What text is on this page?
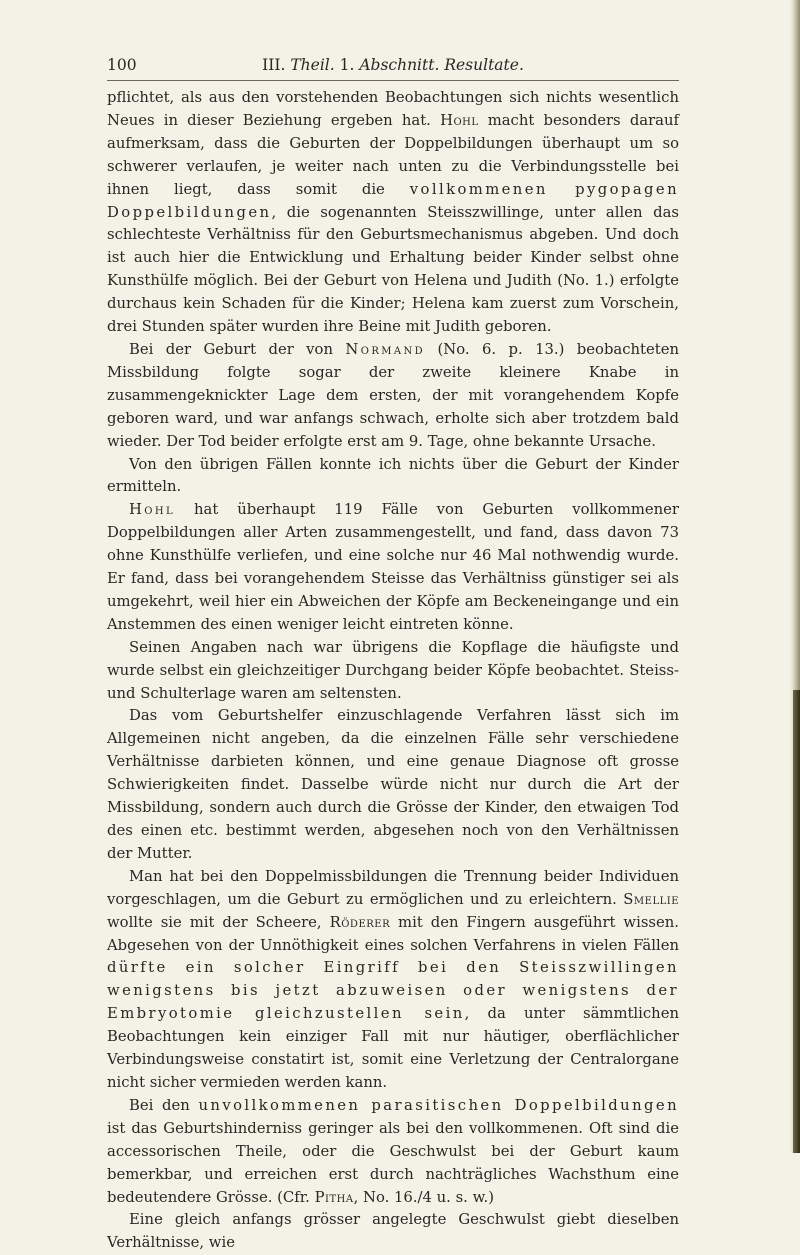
100	III. Theil. 1. Abschnitt. Resultate.

pflichtet, als aus den vorstehenden Beobachtungen sich nichts wesentlich Neues in dieser Beziehung ergeben hat. Hohl macht besonders darauf aufmerksam, dass die Geburten der Doppelbildungen überhaupt um so schwerer verlaufen, je weiter nach unten zu die Verbindungsstelle bei ihnen liegt, dass somit die vollkommenen pygopagen Doppelbildungen, die sogenannten Steisszwillinge, unter allen das schlechteste Verhältniss für den Geburtsmechanismus abgeben. Und doch ist auch hier die Entwicklung und Erhaltung beider Kinder selbst ohne Kunsthülfe möglich. Bei der Geburt von Helena und Judith (No. 1.) erfolgte durchaus kein Schaden für die Kinder; Helena kam zuerst zum Vorschein, drei Stunden später wurden ihre Beine mit Judith geboren.

Bei der Geburt der von Normand (No. 6. p. 13.) beobachteten Missbildung folgte sogar der zweite kleinere Knabe in zusammengeknickter Lage dem ersten, der mit vorangehendem Kopfe geboren ward, und war anfangs schwach, erholte sich aber trotzdem bald wieder. Der Tod beider erfolgte erst am 9. Tage, ohne bekannte Ursache.

Von den übrigen Fällen konnte ich nichts über die Geburt der Kinder ermitteln.

Hohl hat überhaupt 119 Fälle von Geburten vollkommener Doppelbildungen aller Arten zusammengestellt, und fand, dass davon 73 ohne Kunsthülfe verliefen, und eine solche nur 46 Mal nothwendig wurde. Er fand, dass bei vorangehendem Steisse das Verhältniss günstiger sei als umgekehrt, weil hier ein Abweichen der Köpfe am Beckeneingange und ein Anstemmen des einen weniger leicht eintreten könne.

Seinen Angaben nach war übrigens die Kopflage die häufigste und wurde selbst ein gleichzeitiger Durchgang beider Köpfe beobachtet. Steiss- und Schulterlage waren am seltensten.

Das vom Geburtshelfer einzuschlagende Verfahren lässt sich im Allgemeinen nicht angeben, da die einzelnen Fälle sehr verschiedene Verhältnisse darbieten können, und eine genaue Diagnose oft grosse Schwierigkeiten findet. Dasselbe würde nicht nur durch die Art der Missbildung, sondern auch durch die Grösse der Kinder, den etwaigen Tod des einen etc. bestimmt werden, abgesehen noch von den Verhältnissen der Mutter.

Man hat bei den Doppelmissbildungen die Trennung beider Individuen vorgeschlagen, um die Geburt zu ermöglichen und zu erleichtern. Smellie wollte sie mit der Scheere, Röderer mit den Fingern ausgeführt wissen. Abgesehen von der Unnöthigkeit eines solchen Verfahrens in vielen Fällen dürfte ein solcher Eingriff bei den Steisszwillingen wenigstens bis jetzt abzuweisen oder wenigstens der Embryotomie gleichzustellen sein, da unter sämmtlichen Beobachtungen kein einziger Fall mit nur häutiger, oberflächlicher Verbindungsweise constatirt ist, somit eine Verletzung der Centralorgane nicht sicher vermieden werden kann.

Bei den unvollkommenen parasitischen Doppelbildungen ist das Geburtshinderniss geringer als bei den vollkommenen. Oft sind die accessorischen Theile, oder die Geschwulst bei der Geburt kaum bemerkbar, und erreichen erst durch nachträgliches Wachsthum eine bedeutendere Grösse. (Cfr. Pitha, No. 16./4 u. s. w.)

Eine gleich anfangs grösser angelegte Geschwulst giebt dieselben Verhältnisse, wie
